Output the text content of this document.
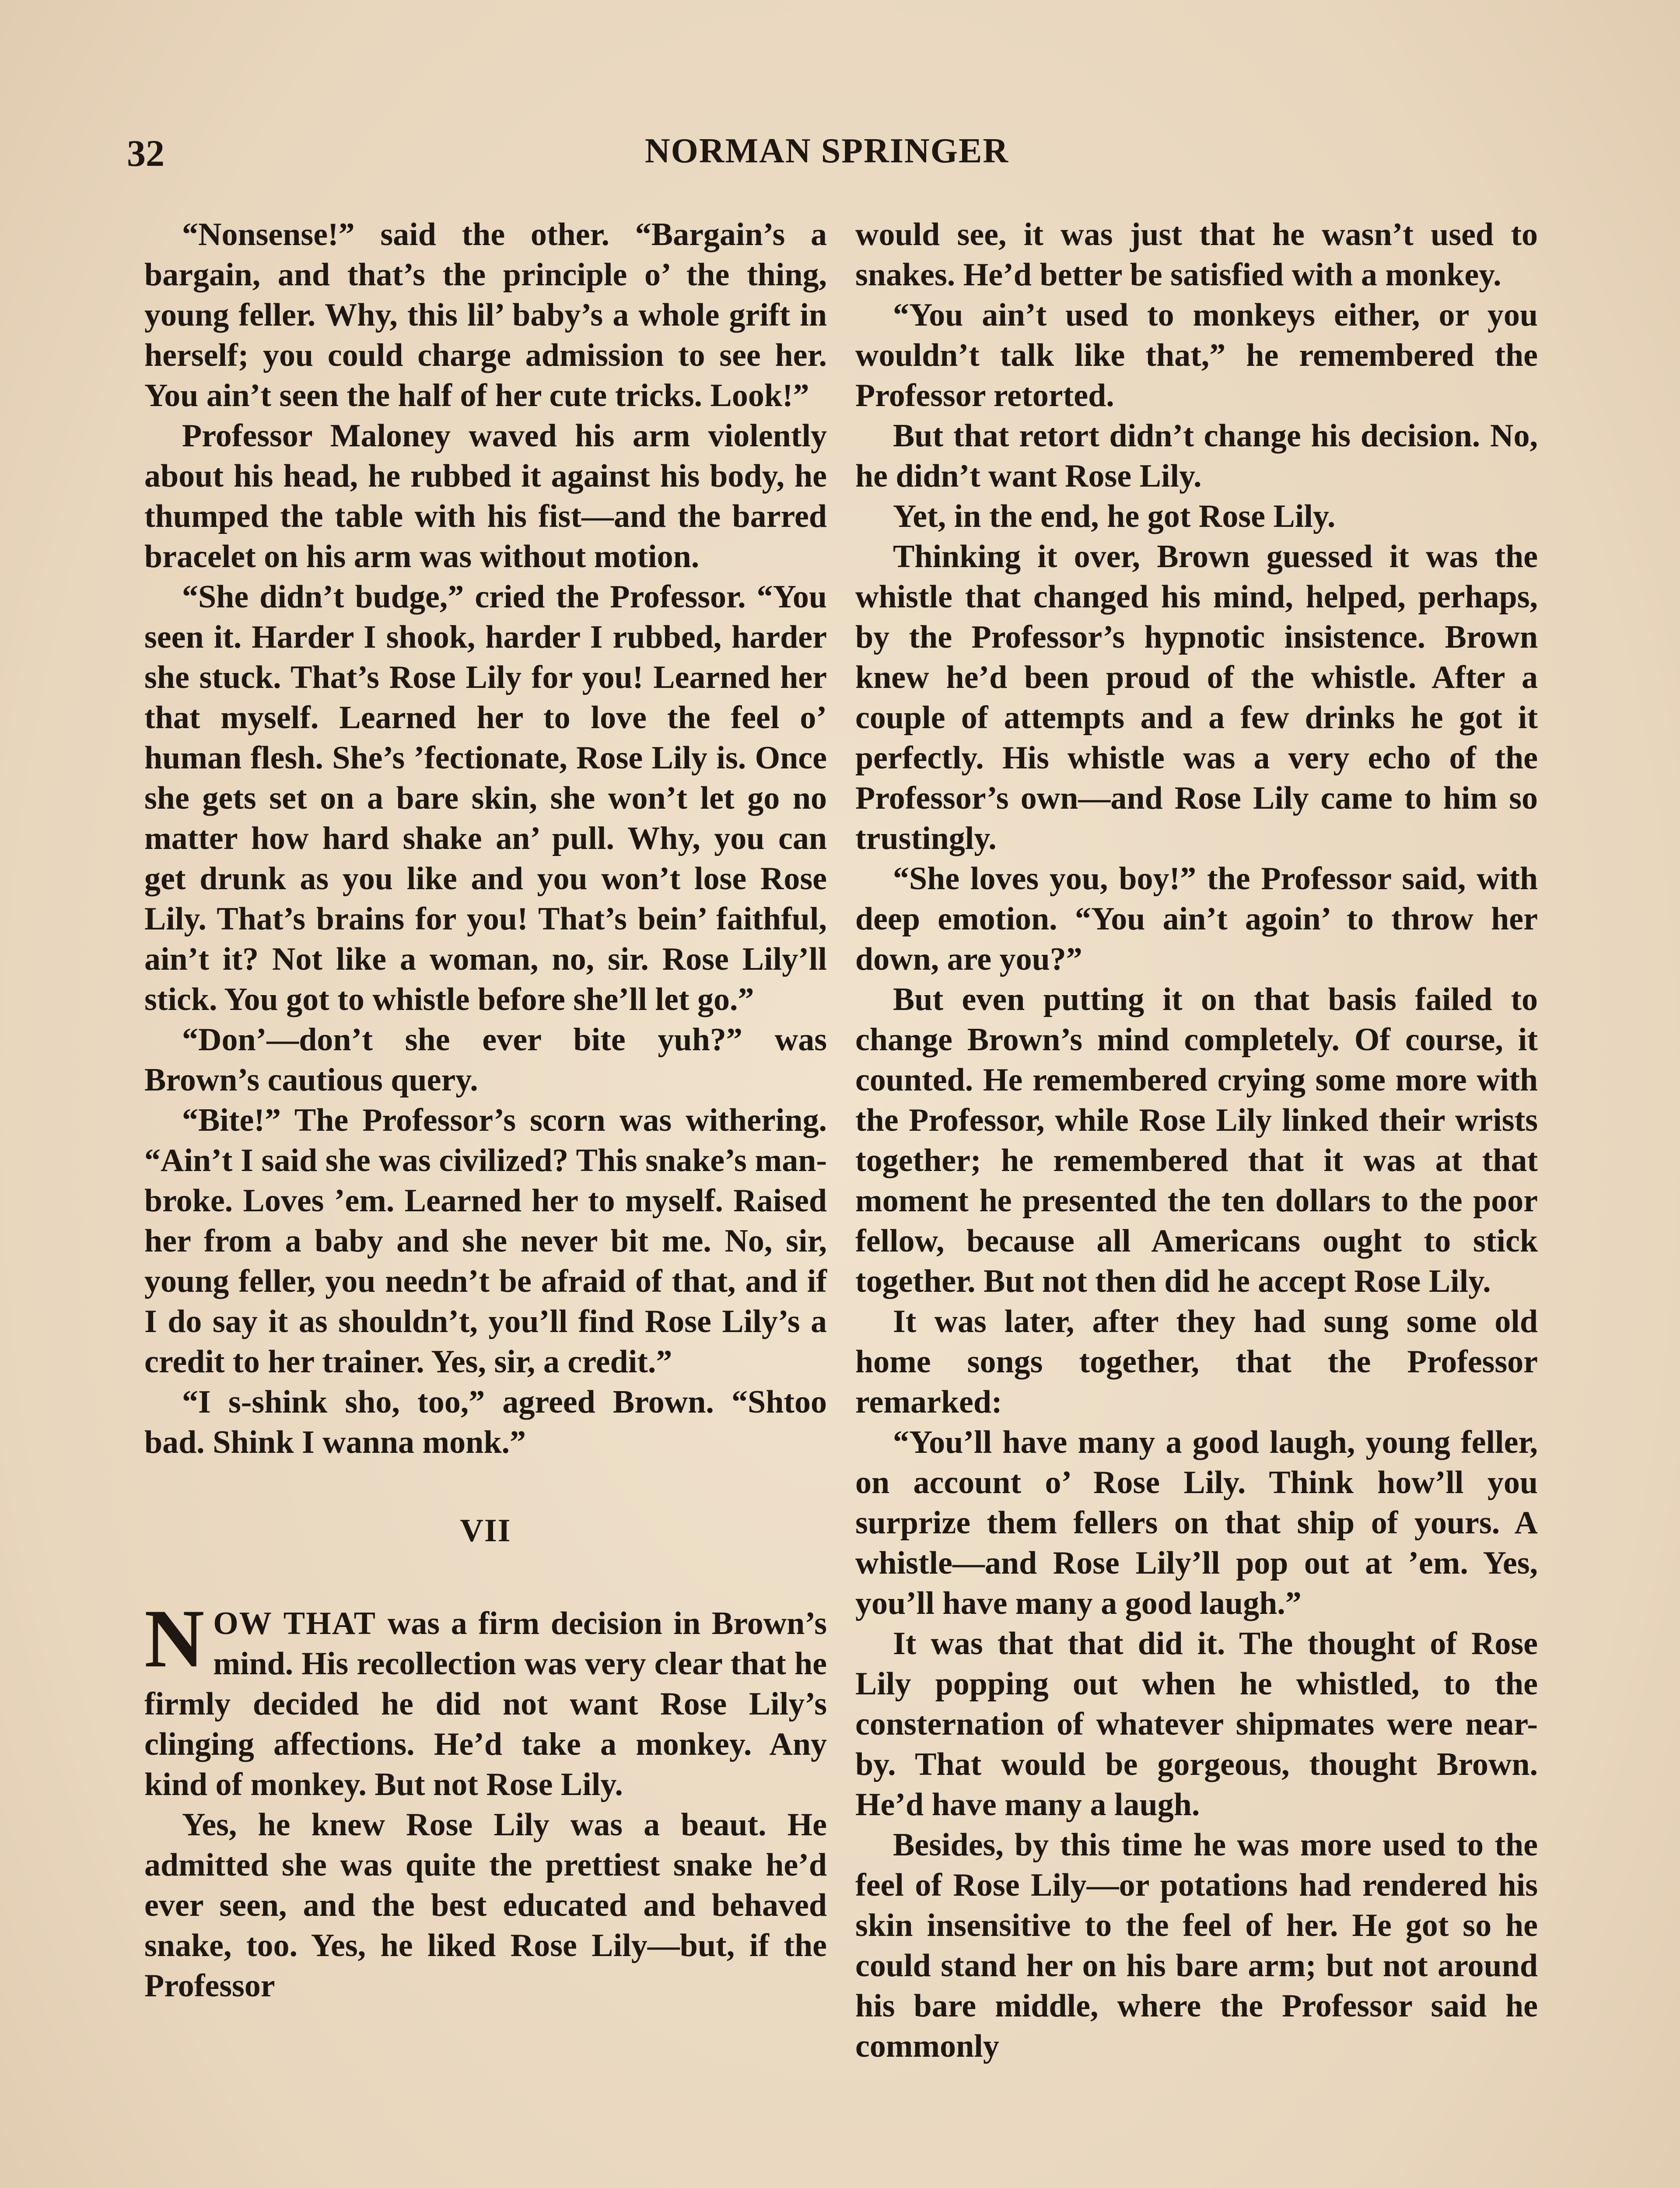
32	NORMAN SPRINGER

“Nonsense!” said the other. “Bargain’s a bargain, and that’s the principle o’ the thing, young feller. Why, this lil’ baby’s a whole grift in herself; you could charge admission to see her. You ain’t seen the half of her cute tricks. Look!”

Professor Maloney waved his arm violently about his head, he rubbed it against his body, he thumped the table with his fist—and the barred bracelet on his arm was without motion.

“She didn’t budge,” cried the Professor. “You seen it. Harder I shook, harder I rubbed, harder she stuck. That’s Rose Lily for you! Learned her that myself. Learned her to love the feel o’ human flesh. She’s ’fectionate, Rose Lily is. Once she gets set on a bare skin, she won’t let go no matter how hard shake an’ pull. Why, you can get drunk as you like and you won’t lose Rose Lily. That’s brains for you! That’s bein’ faithful, ain’t it? Not like a woman, no, sir. Rose Lily’ll stick. You got to whistle before she’ll let go.”

“Don’—don’t she ever bite yuh?” was Brown’s cautious query.

“Bite!” The Professor’s scorn was withering. “Ain’t I said she was civilized? This snake’s man-broke. Loves ’em. Learned her to myself. Raised her from a baby and she never bit me. No, sir, young feller, you needn’t be afraid of that, and if I do say it as shouldn’t, you’ll find Rose Lily’s a credit to her trainer. Yes, sir, a credit.”

“I s-shink sho, too,” agreed Brown. “Shtoo bad. Shink I wanna monk.”

VII

NOW THAT was a firm decision in Brown’s mind. His recollection was very clear that he firmly decided he did not want Rose Lily’s clinging affections. He’d take a monkey. Any kind of monkey. But not Rose Lily.

Yes, he knew Rose Lily was a beaut. He admitted she was quite the prettiest snake he’d ever seen, and the best educated and behaved snake, too. Yes, he liked Rose Lily—but, if the Professor

would see, it was just that he wasn’t used to snakes. He’d better be satisfied with a monkey.

“You ain’t used to monkeys either, or you wouldn’t talk like that,” he remembered the Professor retorted.

But that retort didn’t change his decision. No, he didn’t want Rose Lily.

Yet, in the end, he got Rose Lily.

Thinking it over, Brown guessed it was the whistle that changed his mind, helped, perhaps, by the Professor’s hypnotic insistence. Brown knew he’d been proud of the whistle. After a couple of attempts and a few drinks he got it perfectly. His whistle was a very echo of the Professor’s own—and Rose Lily came to him so trustingly.

“She loves you, boy!” the Professor said, with deep emotion. “You ain’t agoin’ to throw her down, are you?”

But even putting it on that basis failed to change Brown’s mind completely. Of course, it counted. He remembered crying some more with the Professor, while Rose Lily linked their wrists together; he remembered that it was at that moment he presented the ten dollars to the poor fellow, because all Americans ought to stick together. But not then did he accept Rose Lily.

It was later, after they had sung some old home songs together, that the Professor remarked:

“You’ll have many a good laugh, young feller, on account o’ Rose Lily. Think how’ll you surprize them fellers on that ship of yours. A whistle—and Rose Lily’ll pop out at ’em. Yes, you’ll have many a good laugh.”

It was that that did it. The thought of Rose Lily popping out when he whistled, to the consternation of whatever shipmates were near-by. That would be gorgeous, thought Brown. He’d have many a laugh.

Besides, by this time he was more used to the feel of Rose Lily—or potations had rendered his skin insensitive to the feel of her. He got so he could stand her on his bare arm; but not around his bare middle, where the Professor said he commonly
